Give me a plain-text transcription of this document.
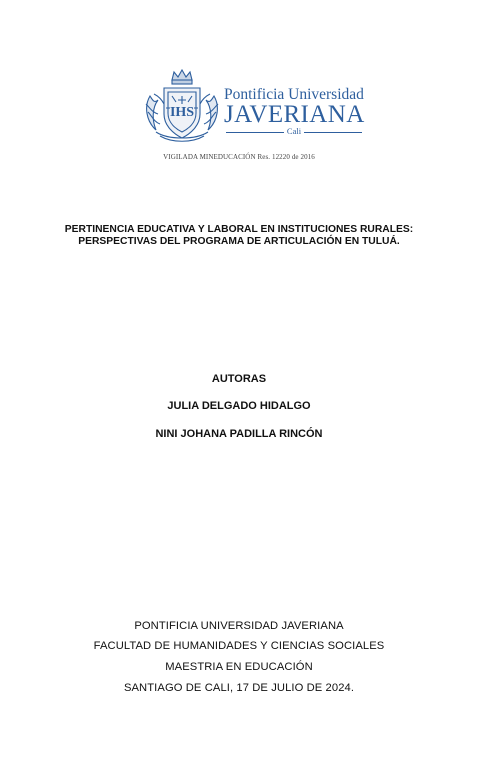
IHS
Pontificia Universidad
JAVERIANA
Cali
VIGILADA MINEDUCACIÓN Res. 12220 de 2016
PERTINENCIA EDUCATIVA Y LABORAL EN INSTITUCIONES RURALES:
PERSPECTIVAS DEL PROGRAMA DE ARTICULACIÓN EN TULUÁ.
AUTORAS
JULIA DELGADO HIDALGO
NINI JOHANA PADILLA RINCÓN
PONTIFICIA UNIVERSIDAD JAVERIANA
FACULTAD DE HUMANIDADES Y CIENCIAS SOCIALES
MAESTRIA EN EDUCACIÓN
SANTIAGO DE CALI, 17 DE JULIO DE 2024.
